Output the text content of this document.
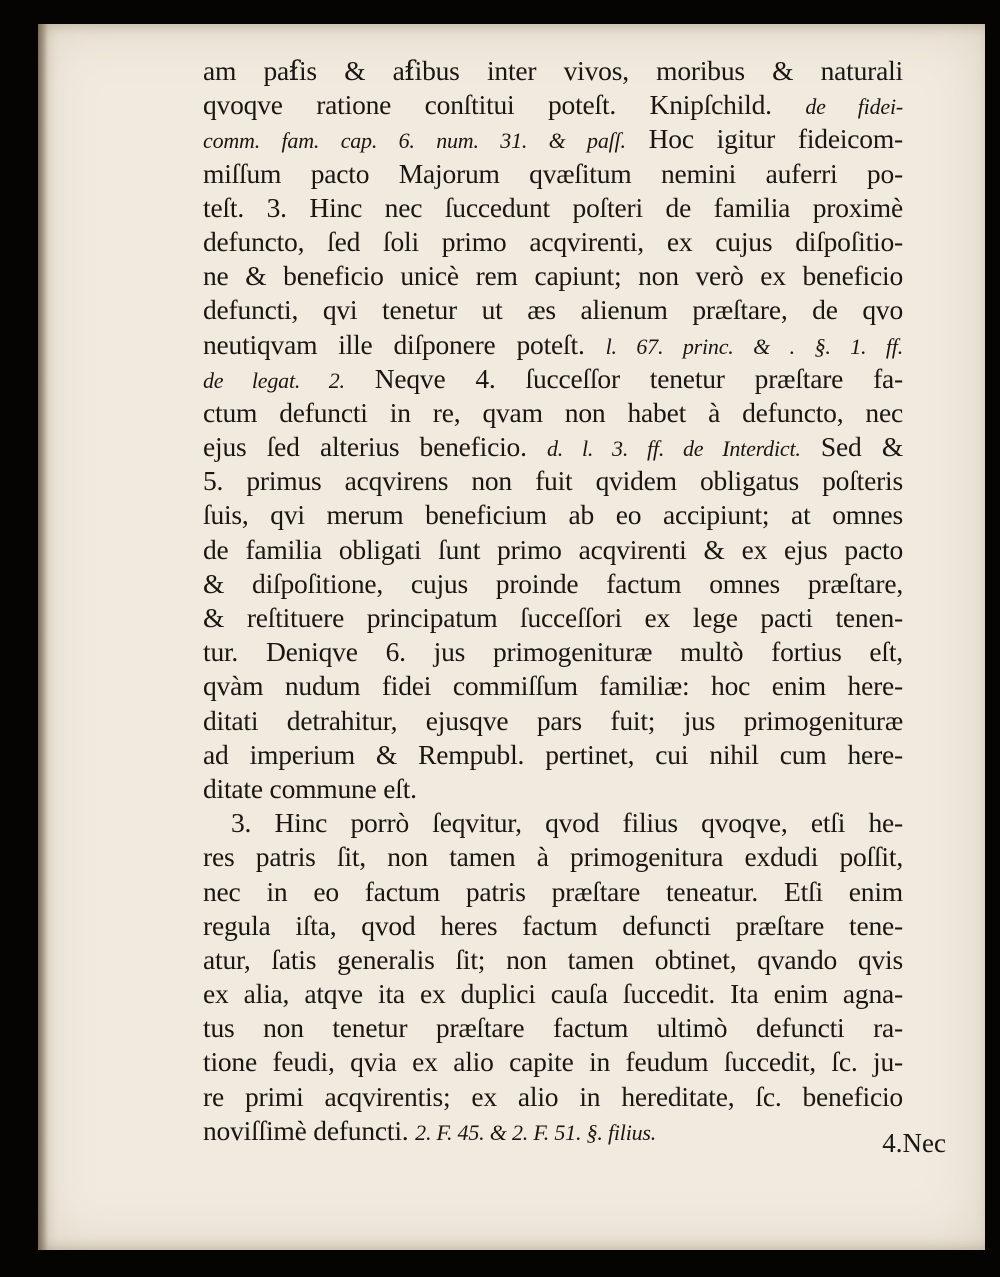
am paẜis & aẜibus inter vivos, moribus & naturali
qvoqve ratione conſtitui poteſt. Knipſchild. de fidei-
comm. fam. cap. 6. num. 31. & paſſ. Hoc igitur fideicom-
miſſum pacto Majorum qvæſitum nemini auferri po-
teſt. 3. Hinc nec ſuccedunt poſteri de familia proximè
defuncto, ſed ſoli primo acqvirenti, ex cujus diſpoſitio-
ne & beneficio unicè rem capiunt; non verò ex beneficio
defuncti, qvi tenetur ut æs alienum præſtare, de qvo
neutiqvam ille diſponere poteſt. l. 67. princ. & . §. 1. ff.
de legat. 2. Neqve 4. ſucceſſor tenetur præſtare fa-
ctum defuncti in re, qvam non habet à defuncto, nec
ejus ſed alterius beneficio. d. l. 3. ff. de Interdict. Sed &
5. primus acqvirens non fuit qvidem obligatus poſteris
ſuis, qvi merum beneficium ab eo accipiunt; at omnes
de familia obligati ſunt primo acqvirenti & ex ejus pacto
& diſpoſitione, cujus proinde factum omnes præſtare,
& reſtituere principatum ſucceſſori ex lege pacti tenen-
tur. Deniqve 6. jus primogenituræ multò fortius eſt,
qvàm nudum fidei commiſſum familiæ: hoc enim here-
ditati detrahitur, ejusqve pars fuit; jus primogenituræ
ad imperium & Rempubl. pertinet, cui nihil cum here-
ditate commune eſt.
3. Hinc porrò ſeqvitur, qvod filius qvoqve, etſi he-
res patris ſit, non tamen à primogenitura exdudi poſſit,
nec in eo factum patris præſtare teneatur. Etſi enim
regula iſta, qvod heres factum defuncti præſtare tene-
atur, ſatis generalis ſit; non tamen obtinet, qvando qvis
ex alia, atqve ita ex duplici cauſa ſuccedit. Ita enim agna-
tus non tenetur præſtare factum ultimò defuncti ra-
tione feudi, qvia ex alio capite in feudum ſuccedit, ſc. ju-
re primi acqvirentis; ex alio in hereditate, ſc. beneficio
noviſſimè defuncti. 2. F. 45. & 2. F. 51. §. filius.	4.Nec
